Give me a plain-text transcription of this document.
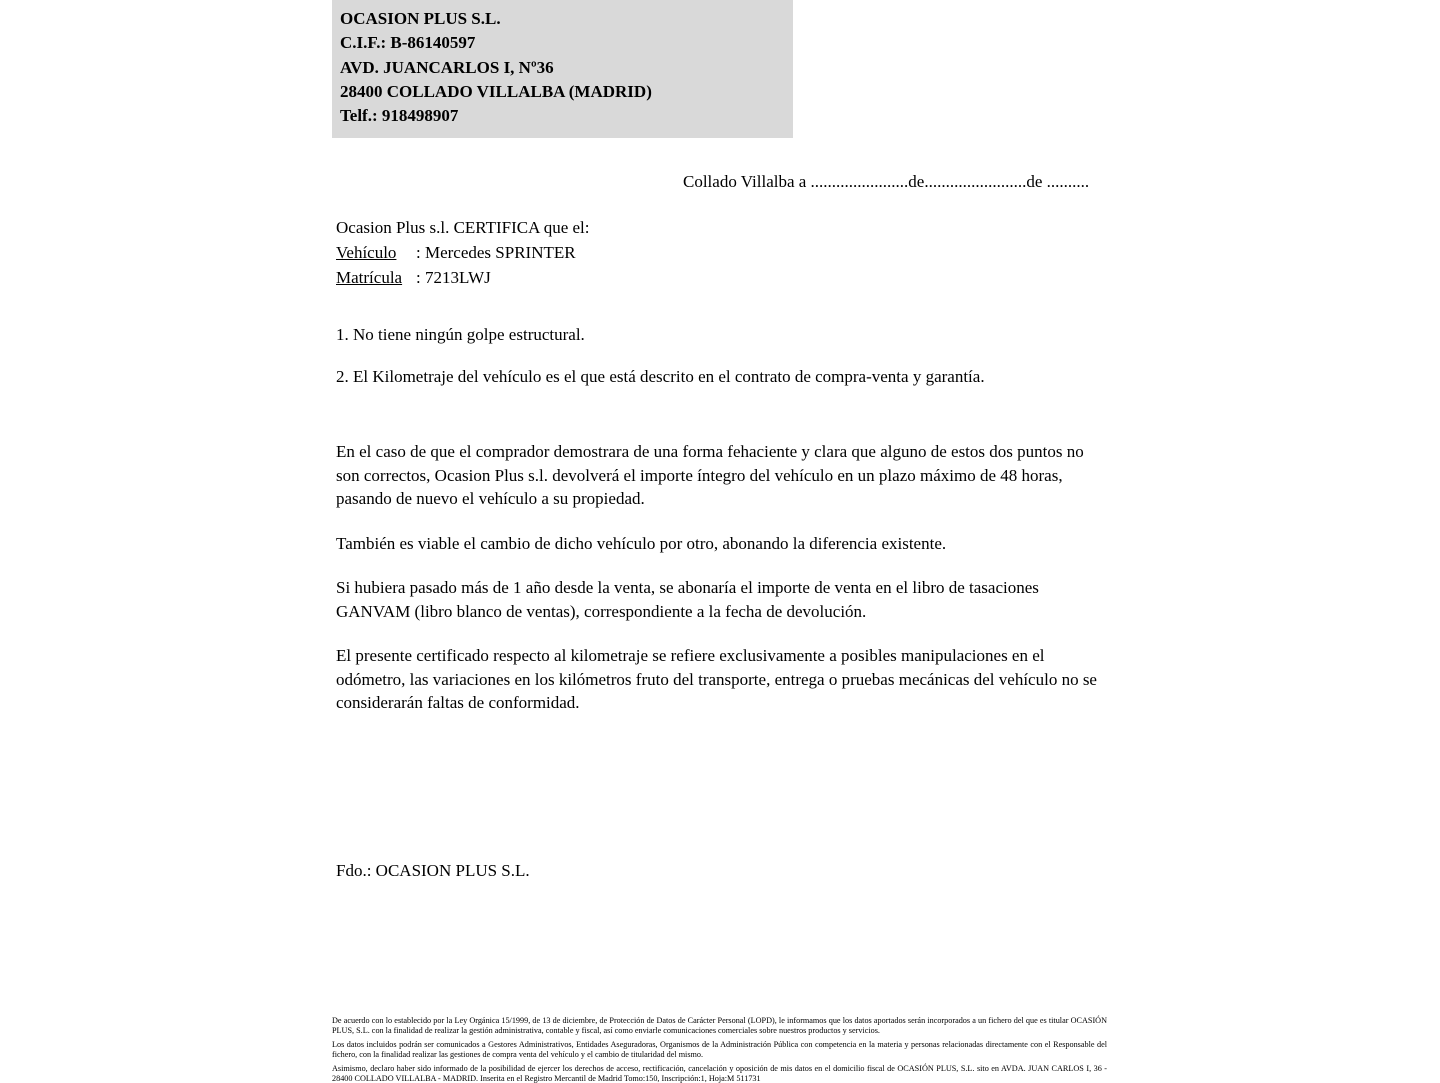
OCASION PLUS S.L.
C.I.F.: B-86140597
AVD. JUANCARLOS I, Nº36
28400 COLLADO VILLALBA (MADRID)
Telf.: 918498907
Collado Villalba a .......................de........................de ..........
Ocasion Plus s.l. CERTIFICA que el:
Vehículo : Mercedes SPRINTER
Matrícula : 7213LWJ
1. No tiene ningún golpe estructural.
2. El Kilometraje del vehículo es el que está descrito en el contrato de compra-venta y garantía.

En el caso de que el comprador demostrara de una forma fehaciente y clara que alguno de estos dos puntos no son correctos, Ocasion Plus s.l. devolverá el importe íntegro del vehículo en un plazo máximo de 48 horas, pasando de nuevo el vehículo a su propiedad.

También es viable el cambio de dicho vehículo por otro, abonando la diferencia existente.

Si hubiera pasado más de 1 año desde la venta, se abonaría el importe de venta en el libro de tasaciones GANVAM (libro blanco de ventas), correspondiente a la fecha de devolución.

El presente certificado respecto al kilometraje se refiere exclusivamente a posibles manipulaciones en el odómetro, las variaciones en los kilómetros fruto del transporte, entrega o pruebas mecánicas del vehículo no se considerarán faltas de conformidad.

Fdo.: OCASION PLUS S.L.

De acuerdo con lo establecido por la Ley Orgánica 15/1999, de 13 de diciembre, de Protección de Datos de Carácter Personal (LOPD), le informamos que los datos aportados serán incorporados a un fichero del que es titular OCASIÓN PLUS, S.L. con la finalidad de realizar la gestión administrativa, contable y fiscal, así como enviarle comunicaciones comerciales sobre nuestros productos y servicios.

Los datos incluidos podrán ser comunicados a Gestores Administrativos, Entidades Aseguradoras, Organismos de la Administración Pública con competencia en la materia y personas relacionadas directamente con el Responsable del fichero, con la finalidad realizar las gestiones de compra venta del vehículo y el cambio de titularidad del mismo.

Asimismo, declaro haber sido informado de la posibilidad de ejercer los derechos de acceso, rectificación, cancelación y oposición de mis datos en el domicilio fiscal de OCASIÓN PLUS, S.L. sito en AVDA. JUAN CARLOS I, 36 - 28400 COLLADO VILLALBA - MADRID. Inserita en el Registro Mercantil de Madrid Tomo:150, Inscripción:1, Hoja:M 511731
